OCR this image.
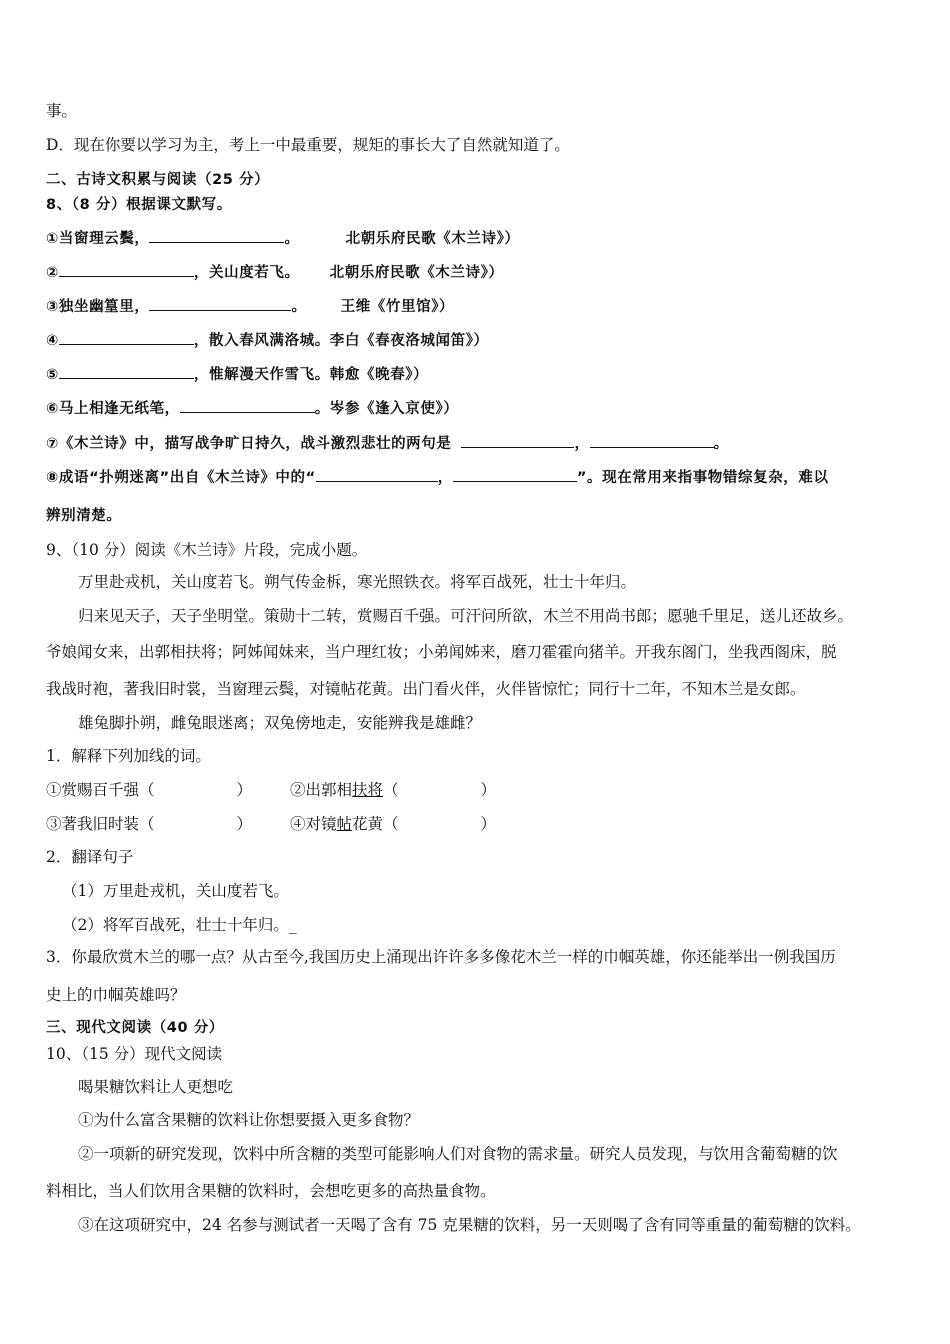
事。
D．现在你要以学习为主，考上一中最重要，规矩的事长大了自然就知道了。
二、古诗文积累与阅读（25 分）
8、（8 分）根据课文默写。
①当窗理云鬓，	。	北朝乐府民歌《木兰诗》）
②	，关山度若飞。 北朝乐府民歌《木兰诗》）
③独坐幽篁里，	。 王维《竹里馆》）
④	，散入春风满洛城。李白《春夜洛城闻笛》）
⑤	，惟解漫天作雪飞。韩愈《晚春》）
⑥马上相逢无纸笔，	。岑参《逢入京使》）
⑦《木兰诗》中，描写战争旷日持久，战斗激烈悲壮的两句是	，	。
⑧成语“扑朔迷离”出自《木兰诗》中的“	，	”。现在常用来指事物错综复杂，难以
辨别清楚。
9、（10 分）阅读《木兰诗》片段，完成小题。
万里赴戎机，关山度若飞。朔气传金柝，寒光照铁衣。将军百战死，壮士十年归。
归来见天子，天子坐明堂。策勋十二转，赏赐百千强。可汗问所欲，木兰不用尚书郎；愿驰千里足，送儿还故乡。
爷娘闻女来，出郭相扶将；阿姊闻妹来，当户理红妆；小弟闻姊来，磨刀霍霍向猪羊。开我东阁门，坐我西阁床，脱
我战时袍，著我旧时裳，当窗理云鬓，对镜帖花黄。出门看火伴，火伴皆惊忙；同行十二年，不知木兰是女郎。
雄兔脚扑朔，雌兔眼迷离；双兔傍地走，安能辨我是雄雌？
1．解释下列加线的词。
①赏赐百千强（	） ②出郭相扶将（	）
③著我旧时装（	） ④对镜帖花黄（	）
2．翻译句子
（1）万里赴戎机，关山度若飞。
（2）将军百战死，壮士十年归。_
3．你最欣赏木兰的哪一点？从古至今,我国历史上涌现出许许多多像花木兰一样的巾帼英雄，你还能举出一例我国历
史上的巾帼英雄吗？
三、现代文阅读（40 分）
10、（15 分）现代文阅读
喝果糖饮料让人更想吃
①为什么富含果糖的饮料让你想要摄入更多食物？
②一项新的研究发现，饮料中所含糖的类型可能影响人们对食物的需求量。研究人员发现，与饮用含葡萄糖的饮
料相比，当人们饮用含果糖的饮料时，会想吃更多的高热量食物。
③在这项研究中，24 名参与测试者一天喝了含有 75 克果糖的饮料，另一天则喝了含有同等重量的葡萄糖的饮料。
